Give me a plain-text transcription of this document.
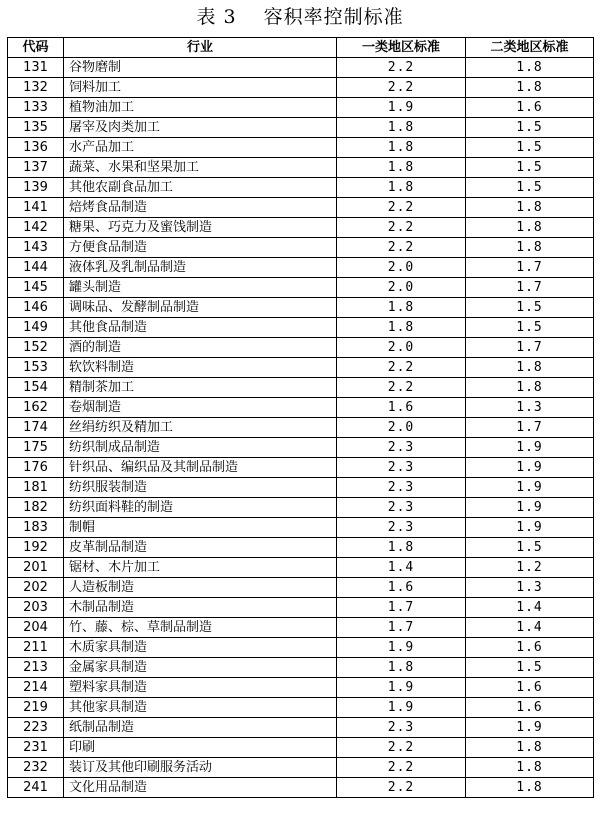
表 3　 容积率控制标准
代码	行业	一类地区标准	二类地区标准
131	谷物磨制	2.2	1.8
132	饲料加工	2.2	1.8
133	植物油加工	1.9	1.6
135	屠宰及肉类加工	1.8	1.5
136	水产品加工	1.8	1.5
137	蔬菜、水果和坚果加工	1.8	1.5
139	其他农副食品加工	1.8	1.5
141	焙烤食品制造	2.2	1.8
142	糖果、巧克力及蜜饯制造	2.2	1.8
143	方便食品制造	2.2	1.8
144	液体乳及乳制品制造	2.0	1.7
145	罐头制造	2.0	1.7
146	调味品、发酵制品制造	1.8	1.5
149	其他食品制造	1.8	1.5
152	酒的制造	2.0	1.7
153	软饮料制造	2.2	1.8
154	精制茶加工	2.2	1.8
162	卷烟制造	1.6	1.3
174	丝绢纺织及精加工	2.0	1.7
175	纺织制成品制造	2.3	1.9
176	针织品、编织品及其制品制造	2.3	1.9
181	纺织服装制造	2.3	1.9
182	纺织面料鞋的制造	2.3	1.9
183	制帽	2.3	1.9
192	皮革制品制造	1.8	1.5
201	锯材、木片加工	1.4	1.2
202	人造板制造	1.6	1.3
203	木制品制造	1.7	1.4
204	竹、藤、棕、草制品制造	1.7	1.4
211	木质家具制造	1.9	1.6
213	金属家具制造	1.8	1.5
214	塑料家具制造	1.9	1.6
219	其他家具制造	1.9	1.6
223	纸制品制造	2.3	1.9
231	印刷	2.2	1.8
232	装订及其他印刷服务活动	2.2	1.8
241	文化用品制造	2.2	1.8
